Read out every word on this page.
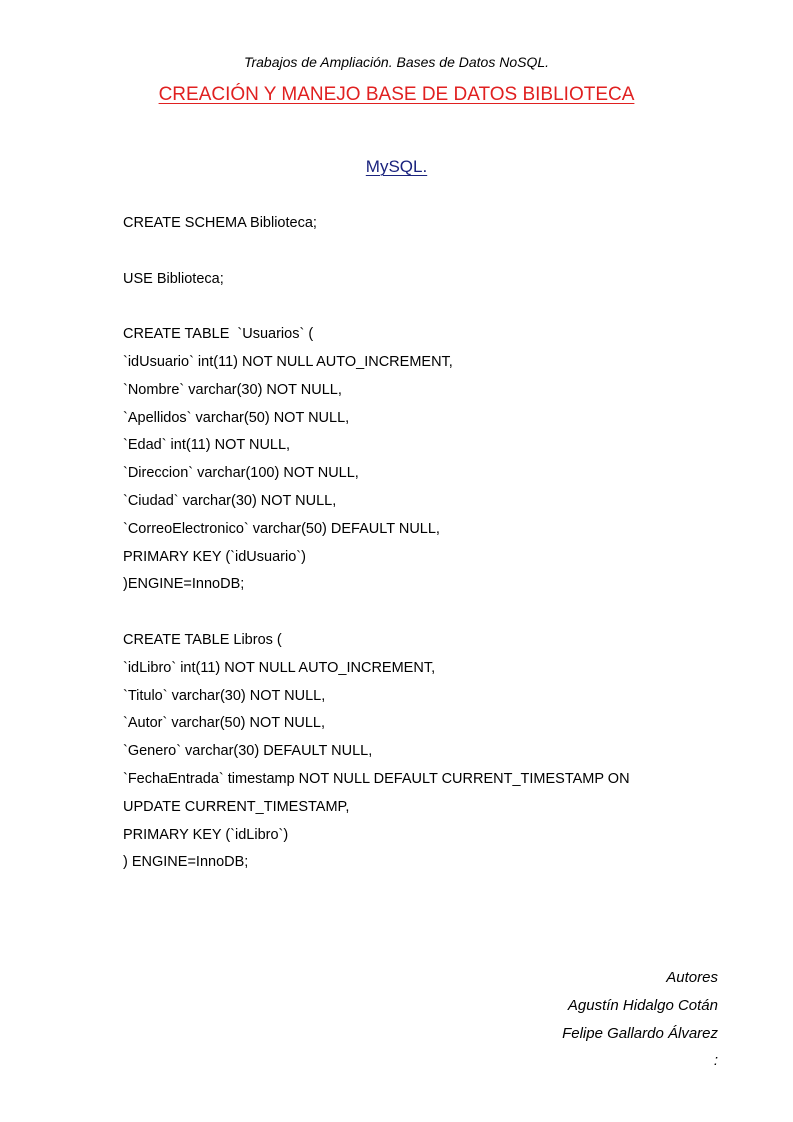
Trabajos de Ampliación. Bases de Datos NoSQL.
CREACIÓN Y MANEJO BASE DE DATOS BIBLIOTECA
MySQL.
CREATE SCHEMA Biblioteca;
USE Biblioteca;
CREATE TABLE  `Usuarios` (
`idUsuario` int(11) NOT NULL AUTO_INCREMENT,
`Nombre` varchar(30) NOT NULL,
`Apellidos` varchar(50) NOT NULL,
`Edad` int(11) NOT NULL,
`Direccion` varchar(100) NOT NULL,
`Ciudad` varchar(30) NOT NULL,
`CorreoElectronico` varchar(50) DEFAULT NULL,
PRIMARY KEY (`idUsuario`)
)ENGINE=InnoDB;
CREATE TABLE Libros (
`idLibro` int(11) NOT NULL AUTO_INCREMENT,
`Titulo` varchar(30) NOT NULL,
`Autor` varchar(50) NOT NULL,
`Genero` varchar(30) DEFAULT NULL,
`FechaEntrada` timestamp NOT NULL DEFAULT CURRENT_TIMESTAMP ON
UPDATE CURRENT_TIMESTAMP,
PRIMARY KEY (`idLibro`)
) ENGINE=InnoDB;
Autores
Agustín Hidalgo Cotán
Felipe Gallardo Álvarez
:
